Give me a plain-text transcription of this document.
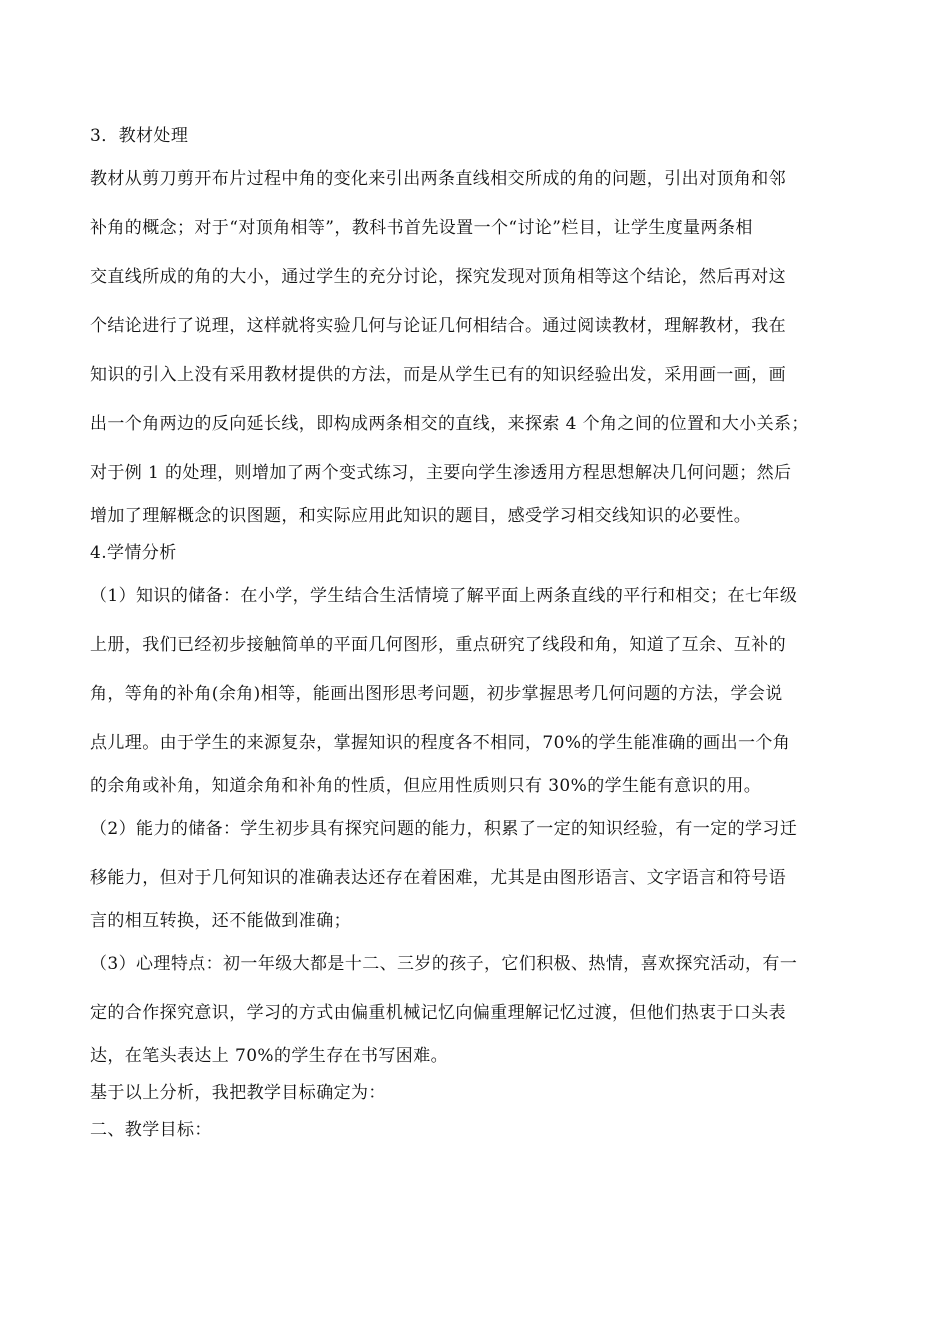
3．教材处理
教材从剪刀剪开布片过程中角的变化来引出两条直线相交所成的角的问题，引出对顶角和邻
补角的概念；对于“对顶角相等”，教科书首先设置一个“讨论”栏目，让学生度量两条相
交直线所成的角的大小，通过学生的充分讨论，探究发现对顶角相等这个结论，然后再对这
个结论进行了说理，这样就将实验几何与论证几何相结合。通过阅读教材，理解教材，我在
知识的引入上没有采用教材提供的方法，而是从学生已有的知识经验出发，采用画一画，画
出一个角两边的反向延长线，即构成两条相交的直线，来探索 4 个角之间的位置和大小关系；
对于例 1 的处理，则增加了两个变式练习，主要向学生渗透用方程思想解决几何问题；然后
增加了理解概念的识图题，和实际应用此知识的题目，感受学习相交线知识的必要性。
4.学情分析
（1）知识的储备：在小学，学生结合生活情境了解平面上两条直线的平行和相交；在七年级
上册，我们已经初步接触简单的平面几何图形，重点研究了线段和角，知道了互余、互补的
角，等角的补角(余角)相等，能画出图形思考问题，初步掌握思考几何问题的方法，学会说
点儿理。由于学生的来源复杂，掌握知识的程度各不相同，70%的学生能准确的画出一个角
的余角或补角，知道余角和补角的性质，但应用性质则只有 30%的学生能有意识的用。
（2）能力的储备：学生初步具有探究问题的能力，积累了一定的知识经验，有一定的学习迁
移能力，但对于几何知识的准确表达还存在着困难，尤其是由图形语言、文字语言和符号语
言的相互转换，还不能做到准确；
（3）心理特点：初一年级大都是十二、三岁的孩子，它们积极、热情，喜欢探究活动，有一
定的合作探究意识，学习的方式由偏重机械记忆向偏重理解记忆过渡，但他们热衷于口头表
达，在笔头表达上 70%的学生存在书写困难。
基于以上分析，我把教学目标确定为：
二、教学目标：
